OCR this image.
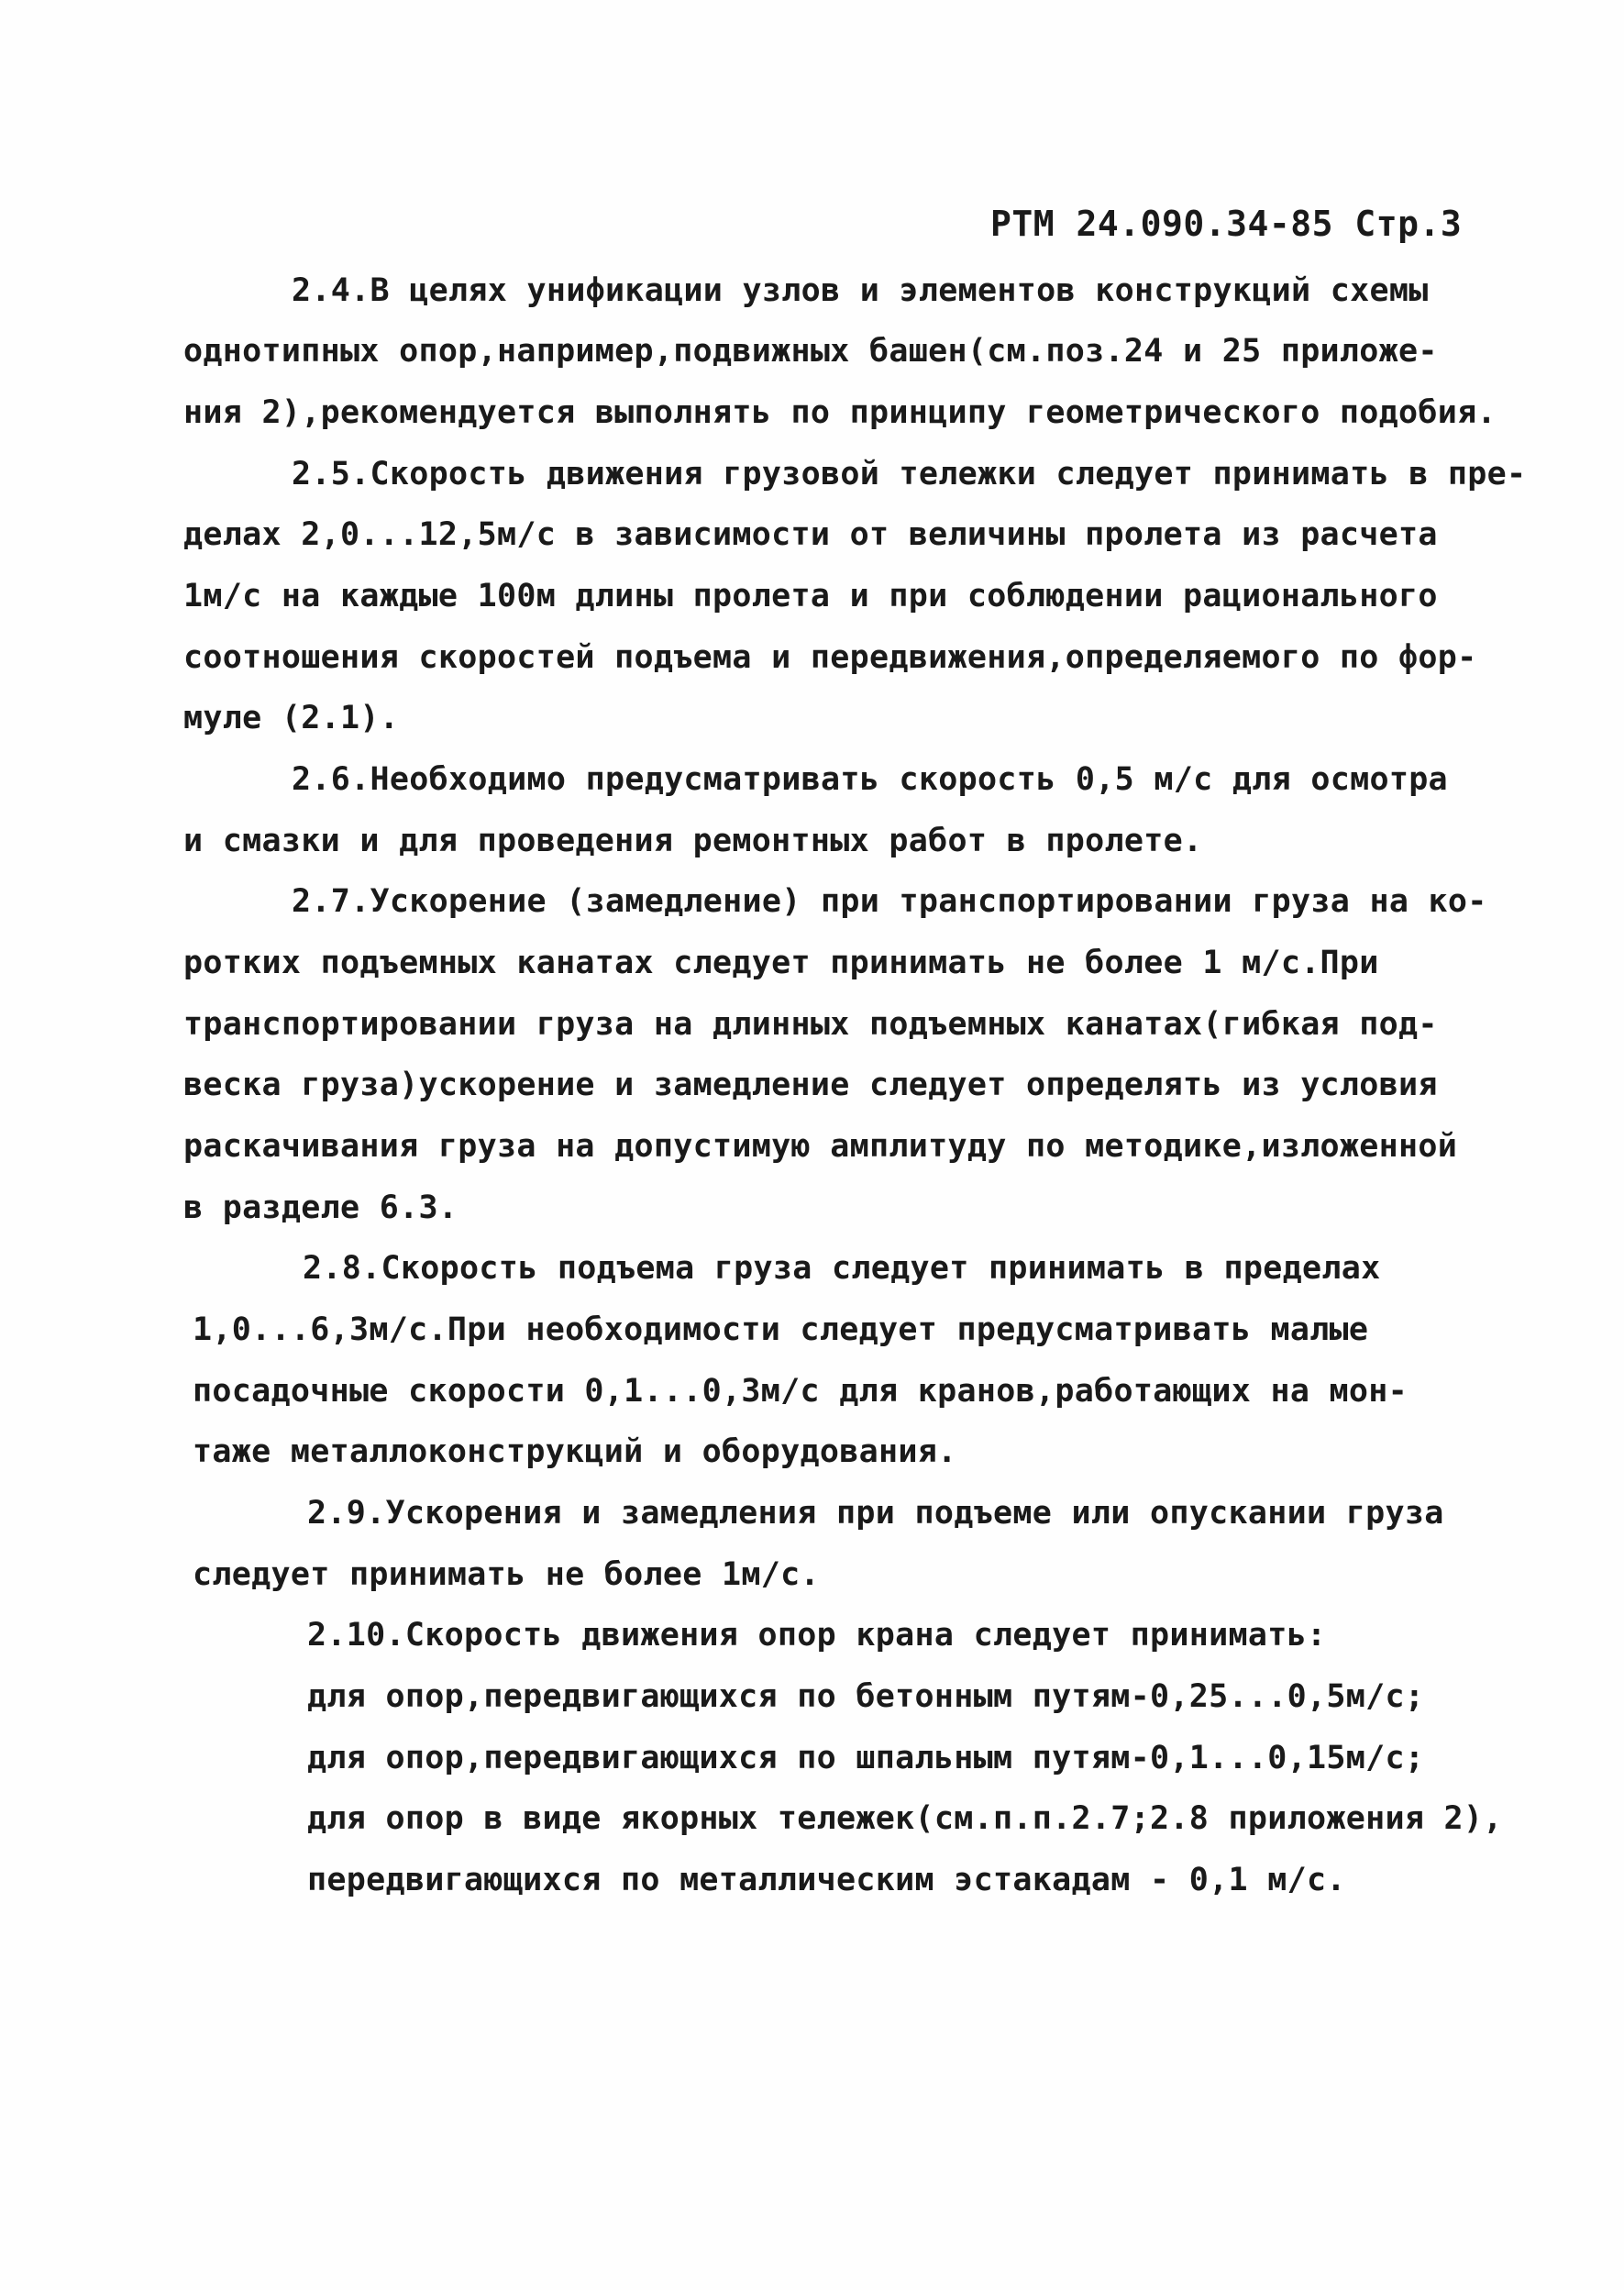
РТМ 24.090.34-85 Стр.3
2.4.В целях унификации узлов и элементов конструкций схемы
однотипных опор,например,подвижных башен(см.поз.24 и 25 приложе-
ния 2),рекомендуется выполнять по принципу геометрического подобия.
2.5.Скорость движения грузовой тележки следует принимать в пре-
делах 2,0...12,5м/с в зависимости от величины пролета из расчета
1м/с на каждые 100м длины пролета и при соблюдении рационального
соотношения скоростей подъема и передвижения,определяемого по фор-
муле (2.1).
2.6.Необходимо предусматривать скорость 0,5 м/с для осмотра
и смазки и для проведения ремонтных работ в пролете.
2.7.Ускорение (замедление) при транспортировании груза на ко-
ротких подъемных канатах следует принимать не более 1 м/с.При
транспортировании груза на длинных подъемных канатах(гибкая под-
веска груза)ускорение и замедление следует определять из условия
раскачивания груза на допустимую амплитуду по методике,изложенной
в разделе 6.3.
2.8.Скорость подъема груза следует принимать в пределах
1,0...6,3м/с.При необходимости следует предусматривать малые
посадочные скорости 0,1...0,3м/с для кранов,работающих на мон-
таже металлоконструкций и оборудования.
2.9.Ускорения и замедления при подъеме или опускании груза
следует принимать не более 1м/с.
2.10.Скорость движения опор крана следует принимать:
для опор,передвигающихся по бетонным путям-0,25...0,5м/с;
для опор,передвигающихся по шпальным путям-0,1...0,15м/с;
для опор в виде якорных тележек(см.п.п.2.7;2.8 приложения 2),
передвигающихся по металлическим эстакадам - 0,1 м/с.
